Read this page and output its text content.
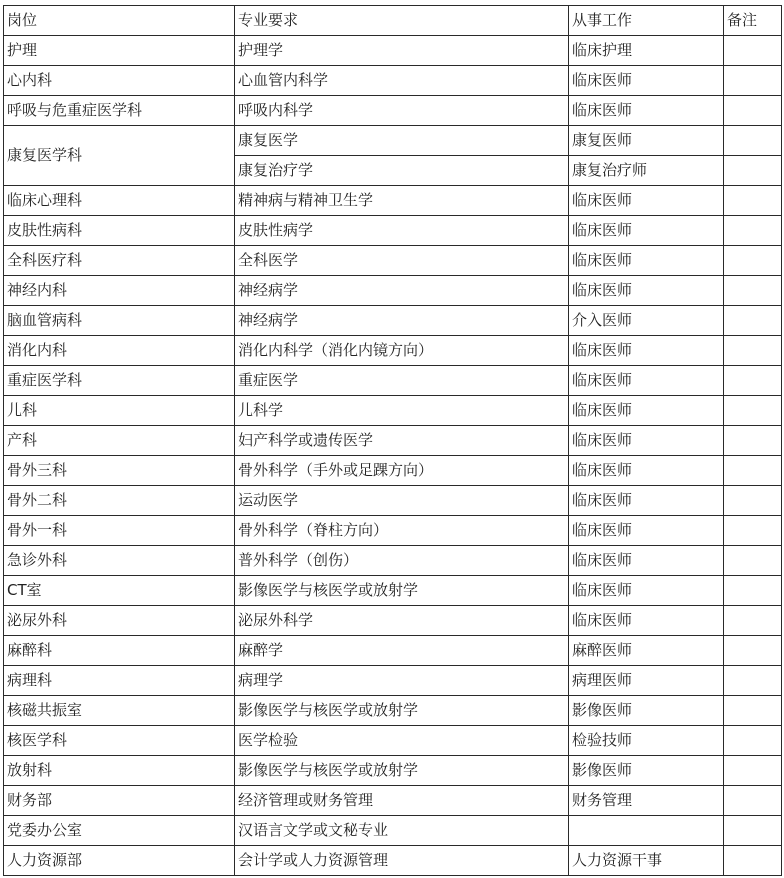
岗位	专业要求	从事工作	备注
护理	护理学	临床护理	
心内科	心血管内科学	临床医师	
呼吸与危重症医学科	呼吸内科学	临床医师	
康复医学科	康复医学	康复医师	
	康复治疗学	康复治疗师	
临床心理科	精神病与精神卫生学	临床医师	
皮肤性病科	皮肤性病学	临床医师	
全科医疗科	全科医学	临床医师	
神经内科	神经病学	临床医师	
脑血管病科	神经病学	介入医师	
消化内科	消化内科学（消化内镜方向）	临床医师	
重症医学科	重症医学	临床医师	
儿科	儿科学	临床医师	
产科	妇产科学或遗传医学	临床医师	
骨外三科	骨外科学（手外或足踝方向）	临床医师	
骨外二科	运动医学	临床医师	
骨外一科	骨外科学（脊柱方向）	临床医师	
急诊外科	普外科学（创伤）	临床医师	
CT室	影像医学与核医学或放射学	临床医师	
泌尿外科	泌尿外科学	临床医师	
麻醉科	麻醉学	麻醉医师	
病理科	病理学	病理医师	
核磁共振室	影像医学与核医学或放射学	影像医师	
核医学科	医学检验	检验技师	
放射科	影像医学与核医学或放射学	影像医师	
财务部	经济管理或财务管理	财务管理	
党委办公室	汉语言文学或文秘专业		
人力资源部	会计学或人力资源管理	人力资源干事	
